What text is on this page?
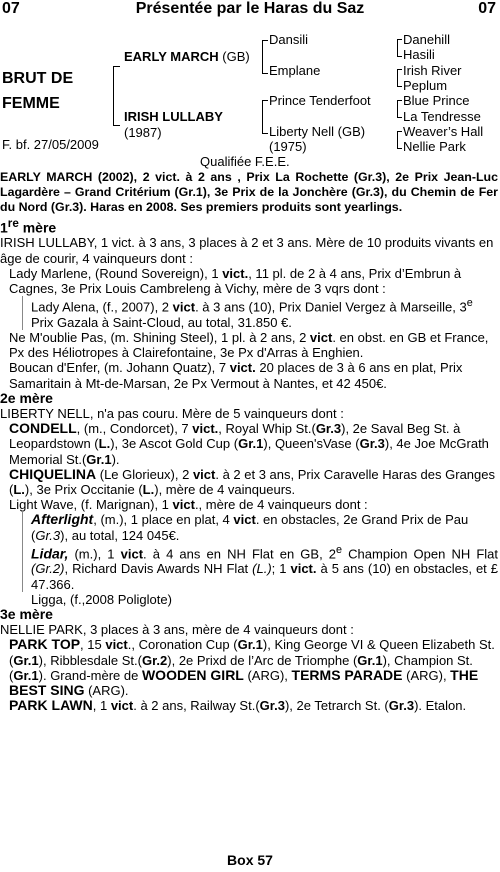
07	Présentée par le Haras du Saz	07
BRUT DE
FEMME
F. bf. 27/05/2009
EARLY MARCH (GB)
IRISH LULLABY
(1987)
Dansili
Emplane
Prince Tenderfoot
Liberty Nell (GB)
(1975)
Danehill
Hasili
Irish River
Peplum
Blue Prince
La Tendresse
Weaver’s Hall
Nellie Park
Qualifiée F.E.E.

EARLY MARCH (2002), 2 vict. à 2 ans , Prix La Rochette (Gr.3), 2e Prix Jean-Luc Lagardère – Grand Critérium (Gr.1), 3e Prix de la Jonchère (Gr.3), du Chemin de Fer du Nord (Gr.3). Haras en 2008. Ses premiers produits sont yearlings.

1re mère

IRISH LULLABY, 1 vict. à 3 ans, 3 places à 2 et 3 ans. Mère de 10 produits vivants en âge de courir, 4 vainqueurs dont :

Lady Marlene, (Round Sovereign), 1 vict., 11 pl. de 2 à 4 ans, Prix d’Embrun à Cagnes, 3e Prix Louis Cambreleng à Vichy, mère de 3 vqrs dont :

Lady Alena, (f., 2007), 2 vict. à 3 ans (10), Prix Daniel Vergez à Marseille, 3e Prix Gazala à Saint-Cloud, au total, 31.850 €.

Ne M'oublie Pas, (m. Shining Steel), 1 pl. à 2 ans, 2 vict. en obst. en GB et France, Px des Héliotropes à Clairefontaine, 3e Px d'Arras à Enghien.

Boucan d'Enfer, (m. Johann Quatz), 7 vict. 20 places de 3 à 6 ans en plat, Prix Samaritain à Mt-de-Marsan, 2e Px Vermout à Nantes, et 42 450€.

2e mère

LIBERTY NELL, n'a pas couru. Mère de 5 vainqueurs dont :

CONDELL, (m., Condorcet), 7 vict., Royal Whip St.(Gr.3), 2e Saval Beg St. à Leopardstown (L.), 3e Ascot Gold Cup (Gr.1), Queen'sVase (Gr.3), 4e Joe McGrath Memorial St.(Gr.1).

CHIQUELINA (Le Glorieux), 2 vict. à 2 et 3 ans, Prix Caravelle Haras des Granges (L.), 3e Prix Occitanie (L.), mère de 4 vainqueurs.

Light Wave, (f. Marignan), 1 vict., mère de 4 vainqueurs dont :

Afterlight, (m.), 1 place en plat, 4 vict. en obstacles, 2e Grand Prix de Pau (Gr.3), au total, 124 045€.

Lidar, (m.), 1 vict. à 4 ans en NH Flat en GB, 2e Champion Open NH Flat (Gr.2), Richard Davis Awards NH Flat (L.); 1 vict. à 5 ans (10) en obstacles, et £ 47.366.

Ligga, (f.,2008 Poliglote)

3e mère

NELLIE PARK, 3 places à 3 ans, mère de 4 vainqueurs dont :

PARK TOP, 15 vict., Coronation Cup (Gr.1), King George VI & Queen Elizabeth St.(Gr.1), Ribblesdale St.(Gr.2), 2e Prixd de l’Arc de Triomphe (Gr.1), Champion St.(Gr.1). Grand-mère de WOODEN GIRL (ARG), TERMS PARADE (ARG), THE BEST SING (ARG).

PARK LAWN, 1 vict. à 2 ans, Railway St.(Gr.3), 2e Tetrarch St. (Gr.3). Etalon.

Box 57
